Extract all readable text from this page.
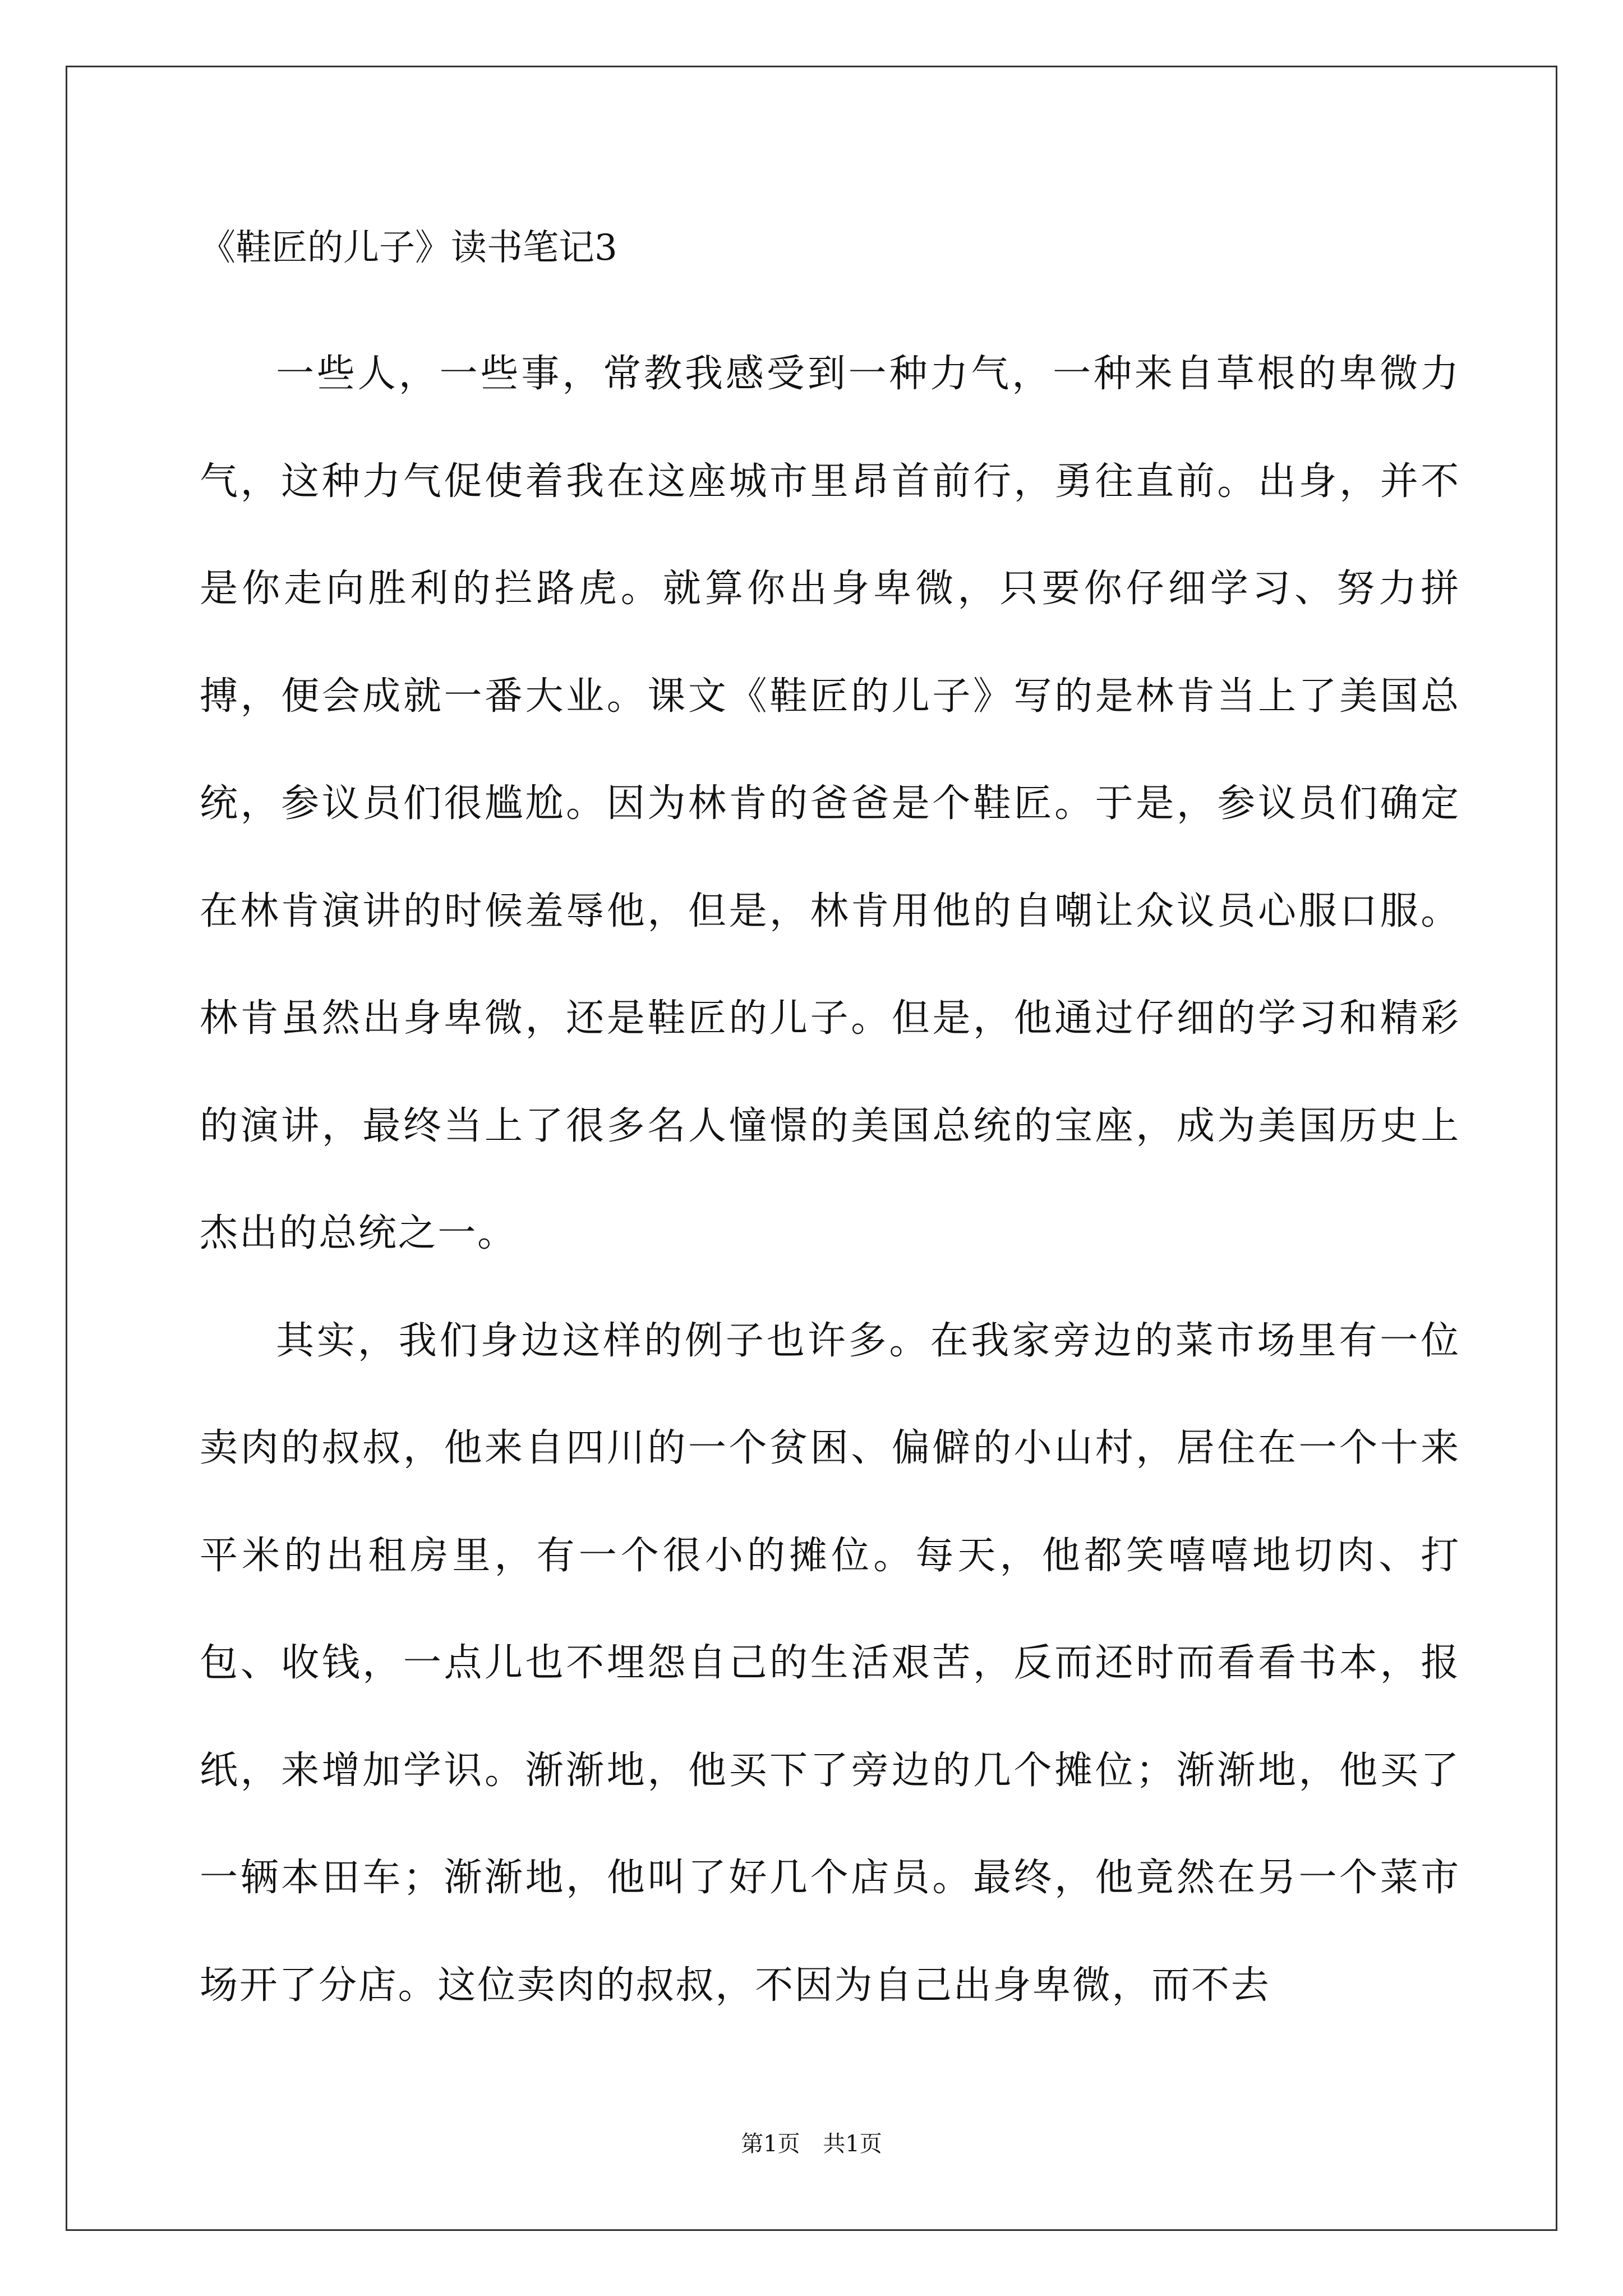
《鞋匠的儿子》读书笔记3

一些人，一些事，常教我感受到一种力气，一种来自草根的卑微力气，这种力气促使着我在这座城市里昂首前行，勇往直前。出身，并不是你走向胜利的拦路虎。就算你出身卑微，只要你仔细学习、努力拼搏，便会成就一番大业。课文《鞋匠的儿子》写的是林肯当上了美国总统，参议员们很尴尬。因为林肯的爸爸是个鞋匠。于是，参议员们确定在林肯演讲的时候羞辱他，但是，林肯用他的自嘲让众议员心服口服。林肯虽然出身卑微，还是鞋匠的儿子。但是，他通过仔细的学习和精彩的演讲，最终当上了很多名人憧憬的美国总统的宝座，成为美国历史上杰出的总统之一。

其实，我们身边这样的例子也许多。在我家旁边的菜市场里有一位卖肉的叔叔，他来自四川的一个贫困、偏僻的小山村，居住在一个十来平米的出租房里，有一个很小的摊位。每天，他都笑嘻嘻地切肉、打包、收钱，一点儿也不埋怨自己的生活艰苦，反而还时而看看书本，报纸，来增加学识。渐渐地，他买下了旁边的几个摊位；渐渐地，他买了一辆本田车；渐渐地，他叫了好几个店员。最终，他竟然在另一个菜市场开了分店。这位卖肉的叔叔，不因为自己出身卑微，而不去

第1页 共1页
